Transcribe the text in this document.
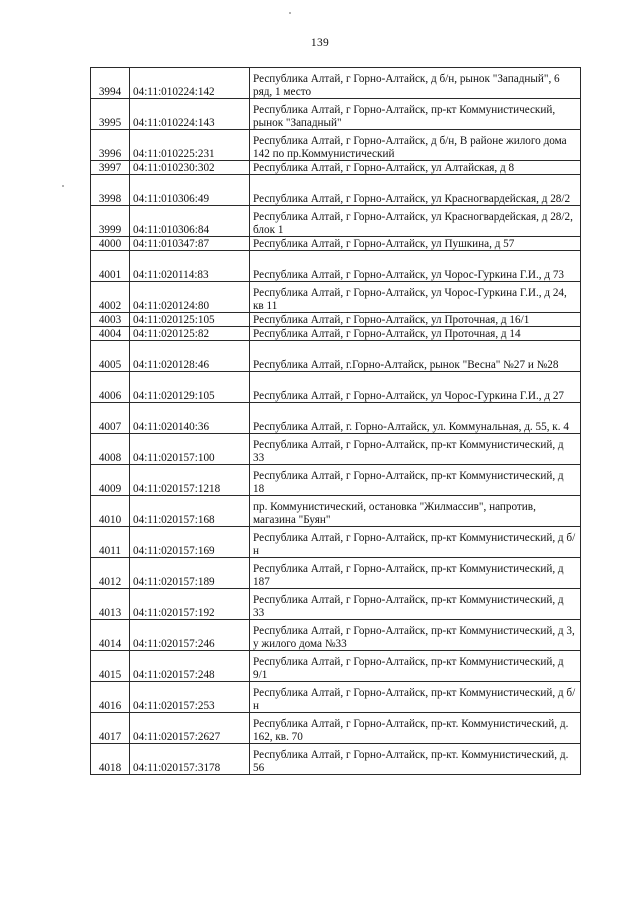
139
3994	04:11:010224:142	Республика Алтай, г Горно-Алтайск, д б/н, рынок "Западный", 6 ряд, 1 место
3995	04:11:010224:143	Республика Алтай, г Горно-Алтайск, пр-кт Коммунистический, рынок "Западный"
3996	04:11:010225:231	Республика Алтай, г Горно-Алтайск, д б/н, В районе жилого дома 142 по пр.Коммунистический
3997	04:11:010230:302	Республика Алтай, г Горно-Алтайск, ул Алтайская, д 8
3998	04:11:010306:49	Республика Алтай, г Горно-Алтайск, ул Красногвардейская, д 28/2
3999	04:11:010306:84	Республика Алтай, г Горно-Алтайск, ул Красногвардейская, д 28/2, блок 1
4000	04:11:010347:87	Республика Алтай, г Горно-Алтайск, ул Пушкина, д 57
4001	04:11:020114:83	Республика Алтай, г Горно-Алтайск, ул Чорос-Гуркина Г.И., д 73
4002	04:11:020124:80	Республика Алтай, г Горно-Алтайск, ул Чорос-Гуркина Г.И., д 24, кв 11
4003	04:11:020125:105	Республика Алтай, г Горно-Алтайск, ул Проточная, д 16/1
4004	04:11:020125:82	Республика Алтай, г Горно-Алтайск, ул Проточная, д 14
4005	04:11:020128:46	Республика Алтай, г.Горно-Алтайск, рынок "Весна" №27 и №28
4006	04:11:020129:105	Республика Алтай, г Горно-Алтайск, ул Чорос-Гуркина Г.И., д 27
4007	04:11:020140:36	Республика Алтай, г. Горно-Алтайск, ул. Коммунальная, д. 55, к. 4
4008	04:11:020157:100	Республика Алтай, г Горно-Алтайск, пр-кт Коммунистический, д 33
4009	04:11:020157:1218	Республика Алтай, г Горно-Алтайск, пр-кт Коммунистический, д 18
4010	04:11:020157:168	пр. Коммунистический, остановка "Жилмассив", напротив, магазина "Буян"
4011	04:11:020157:169	Республика Алтай, г Горно-Алтайск, пр-кт Коммунистический, д б/н
4012	04:11:020157:189	Республика Алтай, г Горно-Алтайск, пр-кт Коммунистический, д 187
4013	04:11:020157:192	Республика Алтай, г Горно-Алтайск, пр-кт Коммунистический, д 33
4014	04:11:020157:246	Республика Алтай, г Горно-Алтайск, пр-кт Коммунистический, д 3, у жилого дома №33
4015	04:11:020157:248	Республика Алтай, г Горно-Алтайск, пр-кт Коммунистический, д 9/1
4016	04:11:020157:253	Республика Алтай, г Горно-Алтайск, пр-кт Коммунистический, д б/н
4017	04:11:020157:2627	Республика Алтай, г Горно-Алтайск, пр-кт. Коммунистический, д. 162, кв. 70
4018	04:11:020157:3178	Республика Алтай, г Горно-Алтайск, пр-кт. Коммунистический, д. 56
